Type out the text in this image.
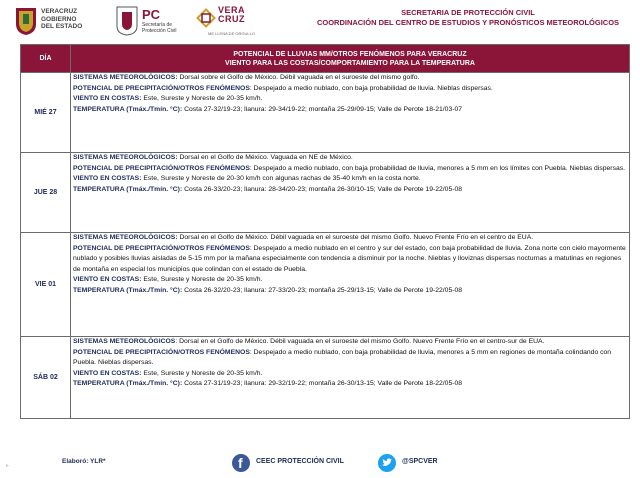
VERACRUZ
GOBIERNO
DEL ESTADO
PC
Secretaría de
Protección Civil
VERA
CRUZ
ME LLENA DE ORGULLO
SECRETARIA DE PROTECCIÓN CIVIL
COORDINACIÓN DEL CENTRO DE ESTUDIOS Y PRONÓSTICOS METEOROLÓGICOS
DÍA	POTENCIAL DE LLUVIAS MM/OTROS FENÓMENOS PARA VERACRUZ
VIENTO PARA LAS COSTAS/COMPORTAMIENTO PARA LA TEMPERATURA

MIÉ 27	SISTEMAS METEOROLÓGICOS: Dorsal sobre el Golfo de México. Débil vaguada en el suroeste del mismo golfo.
POTENCIAL DE PRECIPITACIÓN/OTROS FENÓMENOS: Despejado a medio nublado, con baja probabilidad de lluvia. Nieblas dispersas.
VIENTO EN COSTAS: Este, Sureste y Noreste de 20-35 km/h.
TEMPERATURA (Tmáx./Tmín. °C): Costa 27-32/19-23; llanura: 29-34/19-22; montaña 25-29/09-15; Valle de Perote 18-21/03-07
JUE 28	SISTEMAS METEOROLÓGICOS: Dorsal en el Golfo de México. Vaguada en NE de México.
POTENCIAL DE PRECIPITACIÓN/OTROS FENÓMENOS: Despejado a medio nublado, con baja probabilidad de lluvia, menores a 5 mm en los límites con Puebla. Nieblas dispersas.
VIENTO EN COSTAS: Este, Sureste y Noreste de 20-30 km/h con algunas rachas de 35-40 km/h en la costa norte.
TEMPERATURA (Tmáx./Tmín. °C): Costa 26-33/20-23; llanura: 28-34/20-23; montaña 26-30/10-15; Valle de Perote 19-22/05-08
VIE 01	SISTEMAS METEOROLÓGICOS: Dorsal en el Golfo de México. Débil vaguada en el suroeste del mismo Golfo. Nuevo Frente Frío en el centro de EUA.
POTENCIAL DE PRECIPITACIÓN/OTROS FENÓMENOS: Despejado a medio nublado en el centro y sur del estado, con baja probabilidad de lluvia. Zona norte con cielo mayormente nublado y posibles lluvias aisladas de 5-15 mm por la mañana especialmente con tendencia a disminuir por la noche. Nieblas y lloviznas dispersas nocturnas a matutinas en regiones de montaña en especial los municipios que colindan con el estado de Puebla.
VIENTO EN COSTAS: Este, Sureste y Noreste de 20-35 km/h.
TEMPERATURA (Tmáx./Tmín. °C): Costa 26-32/20-23; llanura: 27-33/20-23; montaña 25-29/13-15; Valle de Perote 19-22/05-08
SÁB 02	SISTEMAS METEOROLÓGICOS: Dorsal en el Golfo de México. Débil vaguada en el suroeste del mismo Golfo. Nuevo Frente Frío en el centro-sur de EUA.
POTENCIAL DE PRECIPITACIÓN/OTROS FENÓMENOS: Despejado a medio nublado, con baja probabilidad de lluvia, menores a 5 mm en regiones de montaña colindando con Puebla. Nieblas dispersas.
VIENTO EN COSTAS: Este, Sureste y Noreste de 20-35 km/h.
TEMPERATURA (Tmáx./Tmín. °C): Costa 27-31/19-23; llanura: 29-32/19-22; montaña 26-30/13-15; Valle de Perote 18-22/05-08
▸
Elaboró: YLR*	f CEEC PROTECCIÓN CIVIL	@SPCVER
